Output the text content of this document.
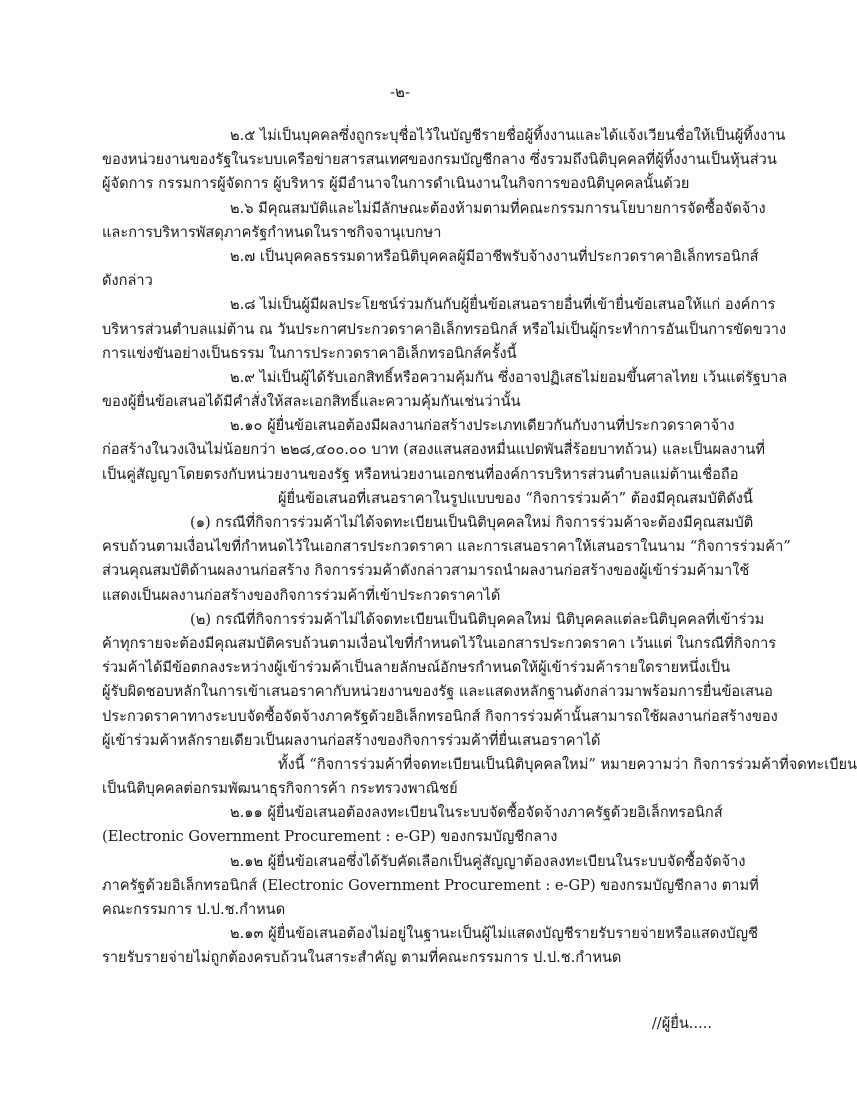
-๒-
๒.๕ ไม่เป็นบุคคลซึ่งถูกระบุชื่อไว้ในบัญชีรายชื่อผู้ทิ้งงานและได้แจ้งเวียนชื่อให้เป็นผู้ทิ้งงาน
ของหน่วยงานของรัฐในระบบเครือข่ายสารสนเทศของกรมบัญชีกลาง ซึ่งรวมถึงนิติบุคคลที่ผู้ทิ้งงานเป็นหุ้นส่วน
ผู้จัดการ กรรมการผู้จัดการ ผู้บริหาร ผู้มีอำนาจในการดำเนินงานในกิจการของนิติบุคคลนั้นด้วย
๒.๖ มีคุณสมบัติและไม่มีลักษณะต้องห้ามตามที่คณะกรรมการนโยบายการจัดซื้อจัดจ้าง
และการบริหารพัสดุภาครัฐกำหนดในราชกิจจานุเบกษา
๒.๗ เป็นบุคคลธรรมดาหรือนิติบุคคลผู้มีอาชีพรับจ้างงานที่ประกวดราคาอิเล็กทรอนิกส์
ดังกล่าว
๒.๘ ไม่เป็นผู้มีผลประโยชน์ร่วมกันกับผู้ยื่นข้อเสนอรายอื่นที่เข้ายื่นข้อเสนอให้แก่ องค์การ
บริหารส่วนตำบลแม่ต้าน ณ วันประกาศประกวดราคาอิเล็กทรอนิกส์ หรือไม่เป็นผู้กระทำการอันเป็นการขัดขวาง
การแข่งขันอย่างเป็นธรรม ในการประกวดราคาอิเล็กทรอนิกส์ครั้งนี้
๒.๙ ไม่เป็นผู้ได้รับเอกสิทธิ์หรือความคุ้มกัน ซึ่งอาจปฏิเสธไม่ยอมขึ้นศาลไทย เว้นแต่รัฐบาล
ของผู้ยื่นข้อเสนอได้มีคำสั่งให้สละเอกสิทธิ์และความคุ้มกันเช่นว่านั้น
๒.๑๐ ผู้ยื่นข้อเสนอต้องมีผลงานก่อสร้างประเภทเดียวกันกับงานที่ประกวดราคาจ้าง
ก่อสร้างในวงเงินไม่น้อยกว่า ๒๒๘,๔๐๐.๐๐ บาท (สองแสนสองหมื่นแปดพันสี่ร้อยบาทถ้วน) และเป็นผลงานที่
เป็นคู่สัญญาโดยตรงกับหน่วยงานของรัฐ หรือหน่วยงานเอกชนที่องค์การบริหารส่วนตำบลแม่ต้านเชื่อถือ
ผู้ยื่นข้อเสนอที่เสนอราคาในรูปแบบของ “กิจการร่วมค้า” ต้องมีคุณสมบัติดังนี้
(๑) กรณีที่กิจการร่วมค้าไม่ได้จดทะเบียนเป็นนิติบุคคลใหม่ กิจการร่วมค้าจะต้องมีคุณสมบัติ
ครบถ้วนตามเงื่อนไขที่กำหนดไว้ในเอกสารประกวดราคา และการเสนอราคาให้เสนอราในนาม “กิจการร่วมค้า”
ส่วนคุณสมบัติด้านผลงานก่อสร้าง กิจการร่วมค้าดังกล่าวสามารถนำผลงานก่อสร้างของผู้เข้าร่วมค้ามาใช้
แสดงเป็นผลงานก่อสร้างของกิจการร่วมค้าที่เข้าประกวดราคาได้
(๒) กรณีที่กิจการร่วมค้าไม่ได้จดทะเบียนเป็นนิติบุคคลใหม่ นิติบุคคลแต่ละนิติบุคคลที่เข้าร่วม
ค้าทุกรายจะต้องมีคุณสมบัติครบถ้วนตามเงื่อนไขที่กำหนดไว้ในเอกสารประกวดราคา เว้นแต่ ในกรณีที่กิจการ
ร่วมค้าได้มีข้อตกลงระหว่างผู้เข้าร่วมค้าเป็นลายลักษณ์อักษรกำหนดให้ผู้เข้าร่วมค้ารายใดรายหนึ่งเป็น
ผู้รับผิดชอบหลักในการเข้าเสนอราคากับหน่วยงานของรัฐ และแสดงหลักฐานดังกล่าวมาพร้อมการยื่นข้อเสนอ
ประกวดราคาทางระบบจัดซื้อจัดจ้างภาครัฐด้วยอิเล็กทรอนิกส์ กิจการร่วมค้านั้นสามารถใช้ผลงานก่อสร้างของ
ผู้เข้าร่วมค้าหลักรายเดียวเป็นผลงานก่อสร้างของกิจการร่วมค้าที่ยื่นเสนอราคาได้
ทั้งนี้ “กิจการร่วมค้าที่จดทะเบียนเป็นนิติบุคคลใหม่” หมายความว่า กิจการร่วมค้าที่จดทะเบียน
เป็นนิติบุคคลต่อกรมพัฒนาธุรกิจการค้า กระทรวงพาณิชย์
๒.๑๑ ผู้ยื่นข้อเสนอต้องลงทะเบียนในระบบจัดซื้อจัดจ้างภาครัฐด้วยอิเล็กทรอนิกส์
(Electronic Government Procurement : e-GP) ของกรมบัญชีกลาง
๒.๑๒ ผู้ยื่นข้อเสนอซึ่งได้รับคัดเลือกเป็นคู่สัญญาต้องลงทะเบียนในระบบจัดซื้อจัดจ้าง
ภาครัฐด้วยอิเล็กทรอนิกส์ (Electronic Government Procurement : e-GP) ของกรมบัญชีกลาง ตามที่
คณะกรรมการ ป.ป.ช.กำหนด
๒.๑๓ ผู้ยื่นข้อเสนอต้องไม่อยู่ในฐานะเป็นผู้ไม่แสดงบัญชีรายรับรายจ่ายหรือแสดงบัญชี
รายรับรายจ่ายไม่ถูกต้องครบถ้วนในสาระสำคัญ ตามที่คณะกรรมการ ป.ป.ช.กำหนด
//ผู้ยื่น.....
